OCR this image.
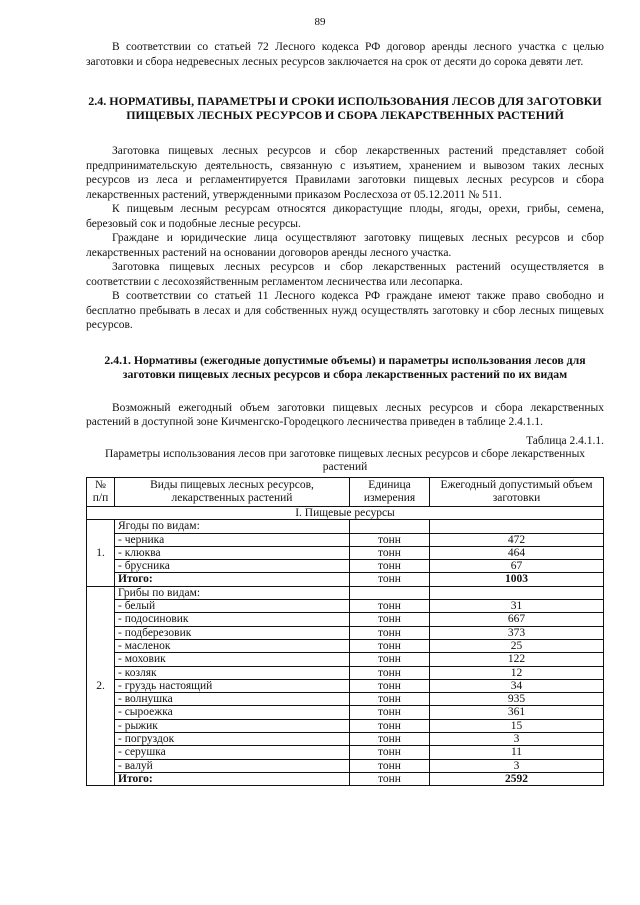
89

В соответствии со статьей 72 Лесного кодекса РФ договор аренды лесного участка с целью заготовки и сбора недревесных лесных ресурсов заключается на срок от десяти до сорока девяти лет.

2.4. НОРМАТИВЫ, ПАРАМЕТРЫ И СРОКИ ИСПОЛЬЗОВАНИЯ ЛЕСОВ ДЛЯ ЗАГОТОВКИ ПИЩЕВЫХ ЛЕСНЫХ РЕСУРСОВ И СБОРА ЛЕКАРСТВЕННЫХ РАСТЕНИЙ

Заготовка пищевых лесных ресурсов и сбор лекарственных растений представляет собой предпринимательскую деятельность, связанную с изъятием, хранением и вывозом таких лесных ресурсов из леса и регламентируется Правилами заготовки пищевых лесных ресурсов и сбора лекарственных растений, утвержденными приказом Рослесхоза от 05.12.2011 № 511.

К пищевым лесным ресурсам относятся дикорастущие плоды, ягоды, орехи, грибы, семена, березовый сок и подобные лесные ресурсы.

Граждане и юридические лица осуществляют заготовку пищевых лесных ресурсов и сбор лекарственных растений на основании договоров аренды лесного участка.

Заготовка пищевых лесных ресурсов и сбор лекарственных растений осуществляется в соответствии с лесохозяйственным регламентом лесничества или лесопарка.

В соответствии со статьей 11 Лесного кодекса РФ граждане имеют также право свободно и бесплатно пребывать в лесах и для собственных нужд осуществлять заготовку и сбор лесных пищевых ресурсов.

2.4.1. Нормативы (ежегодные допустимые объемы) и параметры использования лесов для заготовки пищевых лесных ресурсов и сбора лекарственных растений по их видам

Возможный ежегодный объем заготовки пищевых лесных ресурсов и сбора лекарственных растений в доступной зоне Кичменгско-Городецкого лесничества приведен в таблице 2.4.1.1.

Таблица 2.4.1.1.
Параметры использования лесов при заготовке пищевых лесных ресурсов и сборе лекарственных растений
№ п/п	Виды пищевых лесных ресурсов, лекарственных растений	Единица измерения	Ежегодный допустимый объем заготовки
I. Пищевые ресурсы			
1.	Ягоды по видам:		
	- черника	тонн	472
	- клюква	тонн	464
	- брусника	тонн	67
	Итого:	тонн	1003
2.	Грибы по видам:		
	- белый	тонн	31
	- подосиновик	тонн	667
	- подберезовик	тонн	373
	- масленок	тонн	25
	- моховик	тонн	122
	- козляк	тонн	12
	- груздь настоящий	тонн	34
	- волнушка	тонн	935
	- сыроежка	тонн	361
	- рыжик	тонн	15
	- погруздок	тонн	3
	- серушка	тонн	11
	- валуй	тонн	3
	Итого:	тонн	2592
